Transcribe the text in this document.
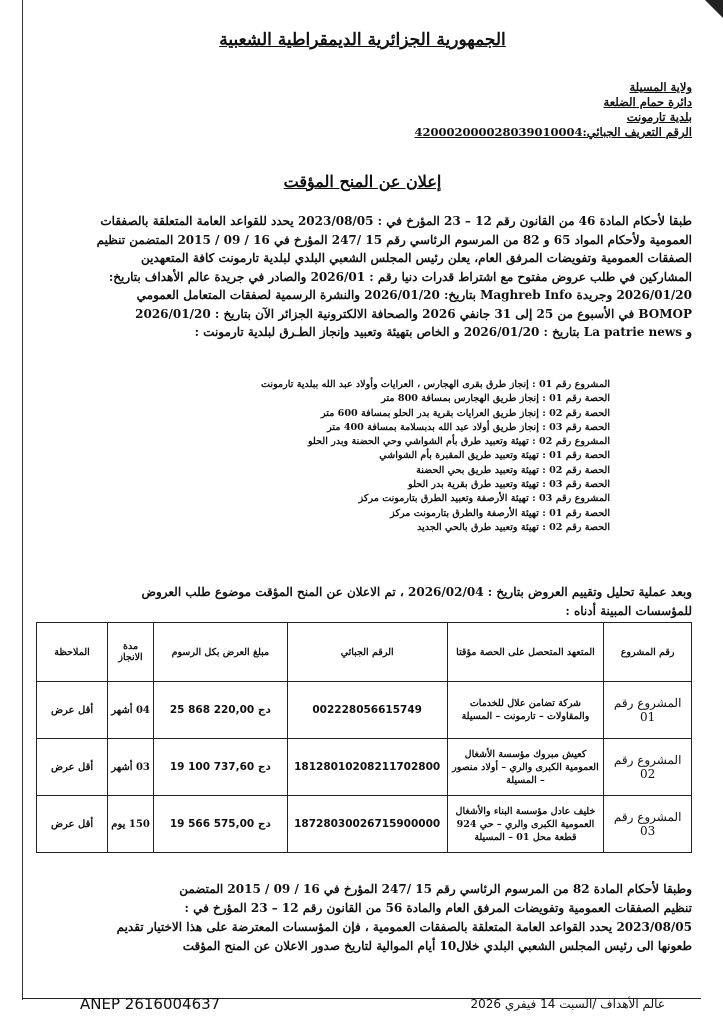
الجمهورية الجزائرية الديمقراطية الشعبية
ولاية المسيلة
دائرة حمام الضلعة
بلدية تارمونت
الرقم التعريف الجبائي:420002000028039010004
إعلان عن المنح المؤقت
طبقا لأحكام المادة 46 من القانون رقم 12 – 23 المؤرخ في : 2023/08/05 يحدد للقواعد العامة المتعلقة بالصفقات
العمومية ولأحكام المواد 65 و 82 من المرسوم الرئاسي رقم 15 /247 المؤرخ في 16 / 09 / 2015 المتضمن تنظيم
الصفقات العمومية وتفويضات المرفق العام، يعلن رئيس المجلس الشعبي البلدي لبلدية تارمونت كافة المتعهدين
المشاركين في طلب عروض مفتوح مع اشتراط قدرات دنيا رقم : 2026/01 والصادر في جريدة عالم الأهداف بتاريخ:
2026/01/20 وجريدة Maghreb Info بتاريخ: 2026/01/20 والنشرة الرسمية لصفقات المتعامل العمومي
BOMOP في الأسبوع من 25 إلى 31 جانفي 2026 والصحافة الالكترونية الجزائر الآن بتاريخ : 2026/01/20
و La patrie news بتاريخ : 2026/01/20 و الخاص بتهيئة وتعبيد وإنجاز الطـرق لبلدية تارمونت :
المشروع رقم 01 : إنجاز طرق بقرى الهجارس ، العرايات وأولاد عبد الله ببلدية تارمونت
الحصة رقم 01 : إنجاز طريق الهجارس بمسافة 800 متر
الحصة رقم 02 : إنجاز طريق العرايات بقرية بدر الحلو بمسافة 600 متر
الحصة رقم 03 : إنجاز طريق أولاد عبد الله بدبسلامة بمسافة 400 متر
المشروع رقم 02 : تهيئة وتعبيد طرق بأم الشواشي وحي الحضنة وبدر الحلو
الحصة رقم 01 : تهيئة وتعبيد طريق المقبرة بأم الشواشي
الحصة رقم 02 : تهيئة وتعبيد طريق بحي الحضنة
الحصة رقم 03 : تهيئة وتعبيد طرق بقرية بدر الحلو
المشروع رقم 03 : تهيئة الأرصفة وتعبيد الطرق بتارمونت مركز
الحصة رقم 01 : تهيئة الأرصفة والطرق بتارمونت مركز
الحصة رقم 02 : تهيئة وتعبيد طرق بالحي الجديد
وبعد عملية تحليل وتقييم العروض بتاريخ : 2026/02/04 ، تم الاعلان عن المنح المؤقت موضوع طلب العروض
للمؤسسات المبينة أدناه :
رقم المشروع	المتعهد المتحصل على الحصة مؤقتا	الرقم الجبائي	مبلغ العرض بكل الرسوم	مدة الانجاز	الملاحظة
المشروع رقم 01	شركة تضامن علال للخدمات والمقاولات – تارمونت – المسيلة	002228056615749	25 868 220,00 دج	04 أشهر	أقل عرض
المشروع رقم 02	كعيش مبروك مؤسسة الأشغال العمومية الكبرى والري – أولاد منصور – المسيلة	18128010208211702800	19 100 737,60 دج	03 أشهر	أقل عرض
المشروع رقم 03	خليف عادل مؤسسة البناء والأشغال العمومية الكبرى والري – حي 924 قطعة محل 01 – المسيلة	18728030026715900000	19 566 575,00 دج	150 يوم	أقل عرض
وطبقا لأحكام المادة 82 من المرسوم الرئاسي رقم 15 /247 المؤرخ في 16 / 09 / 2015 المتضمن
تنظيم الصفقات العمومية وتفويضات المرفق العام والمادة 56 من القانون رقم 12 – 23 المؤرخ في :
2023/08/05 يحدد القواعد العامة المتعلقة بالصفقات العمومية ، فإن المؤسسات المعترضة على هذا الاختيار تقديم
طعونها الى رئيس المجلس الشعبي البلدي خلال10 أيام الموالية لتاريخ صدور الاعلان عن المنح المؤقت
ANEP 2616004637	عالم الأهداف /السبت 14 فيفري 2026
